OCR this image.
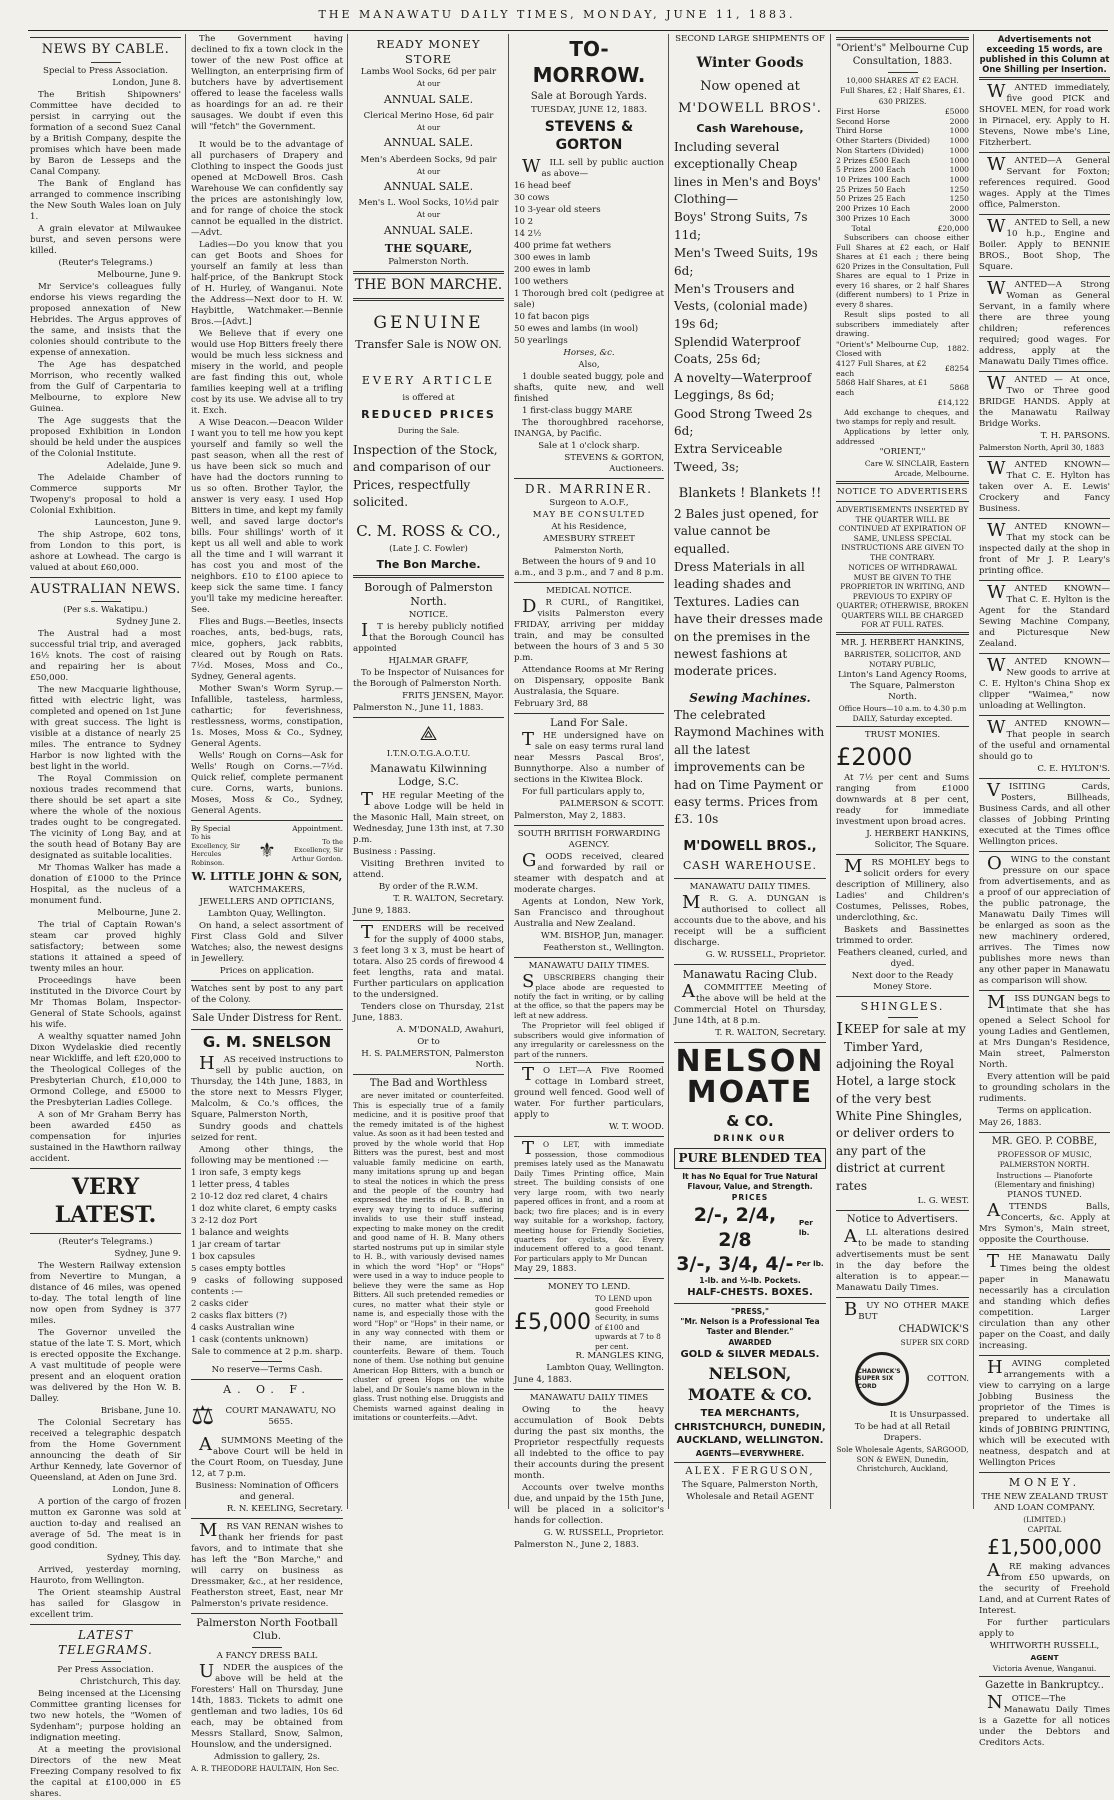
THE MANAWATU DAILY TIMES, MONDAY, JUNE 11, 1883.
NEWS BY CABLE.

Special to Press Association.

London, June 8.

The British Shipowners' Committee have decided to persist in carrying out the formation of a second Suez Canal by a British Company, despite the promises which have been made by Baron de Lesseps and the Canal Company.

The Bank of England has arranged to commence inscribing the New South Wales loan on July 1.

A grain elevator at Milwaukee burst, and seven persons were killed.

(Reuter's Telegrams.)

Melbourne, June 9.

Mr Service's colleagues fully endorse his views regarding the proposed annexation of New Hebrides. The Argus approves of the same, and insists that the colonies should contribute to the expense of annexation.

The Age has despatched Morrison, who recently walked from the Gulf of Carpentaria to Melbourne, to explore New Guinea.

The Age suggests that the proposed Exhibition in London should be held under the auspices of the Colonial Institute.

Adelaide, June 9.

The Adelaide Chamber of Commerce supports Mr Twopeny's proposal to hold a Colonial Exhibition.

Launceston, June 9.

The ship Astrope, 602 tons, from London to this port, is ashore at Lowhead. The cargo is valued at about £60,000.

AUSTRALIAN NEWS.

(Per s.s. Wakatipu.)

Sydney June 2.

The Austral had a most successful trial trip, and averaged 16½ knots. The cost of raising and repairing her is about £50,000.

The new Macquarie lighthouse, fitted with electric light, was completed and opened on 1st June with great success. The light is visible at a distance of nearly 25 miles. The entrance to Sydney Harbor is now lighted with the best light in the world.

The Royal Commission on noxious trades recommend that there should be set apart a site where the whole of the noxious trades ought to be congregated. The vicinity of Long Bay, and at the south head of Botany Bay are designated as suitable localities.

Mr Thomas Walker has made a donation of £1000 to the Prince Hospital, as the nucleus of a monument fund.

Melbourne, June 2.

The trial of Captain Rowan's steam car proved highly satisfactory; between some stations it attained a speed of twenty miles an hour.

Proceedings have been instituted in the Divorce Court by Mr Thomas Bolam, Inspector-General of State Schools, against his wife.

A wealthy squatter named John Dixon Wydelaskie died recently near Wickliffe, and left £20,000 to the Theological Colleges of the Presbyterian Church, £10,000 to Ormond College, and £5000 to the Presbyterian Ladies College.

A son of Mr Graham Berry has been awarded £450 as compensation for injuries sustained in the Hawthorn railway accident.

VERY LATEST.

(Reuter's Telegrams.)

Sydney, June 9.

The Western Railway extension from Nevertire to Mungan, a distance of 46 miles, was opened to-day. The total length of line now open from Sydney is 377 miles.

The Governor unveiled the statue of the late T. S. Mort, which is erected opposite the Exchange. A vast multitude of people were present and an eloquent oration was delivered by the Hon W. B. Dalley.

Brisbane, June 10.

The Colonial Secretary has received a telegraphic despatch from the Home Government announcing the death of Sir Arthur Kennedy, late Governor of Queensland, at Aden on June 3rd.

London, June 8.

A portion of the cargo of frozen mutton ex Garonne was sold at auction to-day and realised an average of 5d. The meat is in good condition.

Sydney, This day.

Arrived, yesterday morning, Hauroto, from Wellington.

The Orient steamship Austral has sailed for Glasgow in excellent trim.

LATEST TELEGRAMS.

Per Press Association.

Christchurch, This day.

Being incensed at the Licensing Committee granting licenses for two new hotels, the "Women of Sydenham"; purpose holding an indignation meeting.

At a meeting the provisional Directors of the new Meat Freezing Company resolved to fix the capital at £100,000 in £5 shares.

The Government having declined to fix a town clock in the tower of the new Post office at Wellington, an enterprising firm of butchers have by advertisement offered to lease the faceless walls as hoardings for an ad. re their sausages. We doubt if even this will "fetch" the Government.

It would be to the advantage of all purchasers of Drapery and Clothing to inspect the Goods just opened at McDowell Bros. Cash Warehouse We can confidently say the prices are astonishingly low, and for range of choice the stock cannot be equalled in the district.—Advt.

Ladies—Do you know that you can get Boots and Shoes for yourself an family at less than half-price, of the Bankrupt Stock of H. Hurley, of Wanganui. Note the Address—Next door to H. W. Haybittle, Watchmaker.—Bennie Bros.—[Advt.]

We Believe that if every one would use Hop Bitters freely there would be much less sickness and misery in the world, and people are fast finding this out, whole families keeping well at a trifling cost by its use. We advise all to try it. Exch.

A Wise Deacon.—Deacon Wilder I want you to tell me how you kept yourself and family so well the past season, when all the rest of us have been sick so much and have had the doctors running to us so often. Brother Taylor, the answer is very easy. I used Hop Bitters in time, and kept my family well, and saved large doctor's bills. Four shillings' worth of it kept us all well and able to work all the time and I will warrant it has cost you and most of the neighbors. £10 to £100 apiece to keep sick the same time. I fancy you'll take my medicine hereafter. See.

Flies and Bugs.—Beetles, insects roaches, ants, bed-bugs, rats, mice, gophers, jack rabbits, cleared out by Rough on Rats. 7½d. Moses, Moss and Co., Sydney, General agents.

Mother Swan's Worm Syrup.—Infallible, tasteless, harmless, cathartic; for feverishness, restlessness, worms, constipation, 1s. Moses, Moss & Co., Sydney, General Agents.

Wells' Rough on Corns—Ask for Wells' Rough on Corns.—7½d. Quick relief, complete permanent cure. Corns, warts, bunions. Moses, Moss & Co., Sydney, General Agents.

By Special	Appointment.
To his Excellency, Sir Hercules Robinson.
⚜	To the Excellency, Sir Arthur Gordon.
W. LITTLE JOHN & SON,

WATCHMAKERS,

JEWELLERS AND OPTICIANS,

Lambton Quay, Wellington.

On hand, a select assortment of First Class Gold and Silver Watches; also, the newest designs in Jewellery.

Prices on application.

Watches sent by post to any part of the Colony.

Sale Under Distress for Rent.
G. M. SNELSON

HAS received instructions to sell by public auction, on Thursday, the 14th June, 1883, in the store next to Messrs Flyger, Malcolm, & Co.'s offices, the Square, Palmerston North,

Sundry goods and chattels seized for rent.

Among other things, the following may be mentioned :—

1 iron safe, 3 empty kegs

1 letter press, 4 tables

2 10-12 doz red claret, 4 chairs

1 doz white claret, 6 empty casks

3 2-12 doz Port

1 balance and weights

1 jar cream of tartar

1 box capsules

5 cases empty bottles

9 casks of following supposed contents :—

2 casks cider

2 casks flax bitters (?)

4 casks Australian wine

1 cask (contents unknown)

Sale to commence at 2 p.m. sharp.

No reserve—Terms Cash.

A. O. F.
⚖	COURT MANAWATU, NO 5655.

ASUMMONS Meeting of the above Court will be held in the Court Room, on Tuesday, June 12, at 7 p.m.

Business: Nomination of Officers and general.

R. N. KEELING, Secretary.

MRS VAN RENAN wishes to thank her friends for past favors, and to intimate that she has left the "Bon Marche," and will carry on business as Dressmaker, &c., at her residence, Featherston street, East, near Mr Palmerston's private residence.

Palmerston North Football Club.

A FANCY DRESS BALL

UNDER the auspices of the above will be held at the Foresters' Hall on Thursday, June 14th, 1883. Tickets to admit one gentleman and two ladies, 10s 6d each, may be obtained from Messrs Stallard, Snow, Salmon, Hounslow, and the undersigned.

Admission to gallery, 2s.

A. R. THEODORE HAULTAIN, Hon Sec.

READY MONEY STORE

Lambs Wool Socks, 6d per pair

At our

ANNUAL SALE.

Clerical Merino Hose, 6d pair

At our

ANNUAL SALE.

Men's Aberdeen Socks, 9d pair

At our

ANNUAL SALE.

Men's L. Wool Socks, 10½d pair

At our

ANNUAL SALE.
THE SQUARE,

Palmerston North.

THE BON MARCHE.
GENUINE
Transfer Sale is NOW ON.
EVERY ARTICLE

is offered at

REDUCED PRICES

During the Sale.

Inspection of the Stock, and comparison of our Prices, respectfully solicited.

C. M. ROSS & CO.,

(Late J. C. Fowler)

The Bon Marche.
Borough of Palmerston North.

NOTICE.

IT is hereby publicly notified that the Borough Council has appointed

HJALMAR GRAFF,

To be Inspector of Nuisances for the Borough of Palmerston North.

FRITS JENSEN, Mayor.

Palmerston N., June 11, 1883.

⟁

I.T.N.O.T.G.A.O.T.U.

Manawatu Kilwinning Lodge, S.C.

THE regular Meeting of the above Lodge will be held in the Masonic Hall, Main street, on Wednesday, June 13th inst, at 7.30 p.m.

Business : Passing.

Visiting Brethren invited to attend.

By order of the R.W.M.

T. R. WALTON, Secretary.

June 9, 1883.

TENDERS will be received for the supply of 4000 stabs, 3 feet long 3 x 3, must be heart of totara. Also 25 cords of firewood 4 feet lengths, rata and matai. Further particulars on application to the undersigned.

Tenders close on Thursday, 21st June, 1883.

A. M'DONALD, Awahuri,

Or to

H. S. PALMERSTON, Palmerston North.

The Bad and Worthless

are never imitated or counterfeited. This is especially true of a family medicine, and it is positive proof that the remedy imitated is of the highest value. As soon as it had been tested and proved by the whole world that Hop Bitters was the purest, best and most valuable family medicine on earth, many imitations sprung up and began to steal the notices in which the press and the people of the country had expressed the merits of H. B., and in every way trying to induce suffering invalids to use their stuff instead, expecting to make money on the credit and good name of H. B. Many others started nostrums put up in similar style to H. B., with variously devised names in which the word "Hop" or "Hops" were used in a way to induce people to believe they were the same as Hop Bitters. All such pretended remedies or cures, no matter what their style or name is, and especially those with the word "Hop" or "Hops" in their name, or in any way connected with them or their name, are imitations or counterfeits. Beware of them. Touch none of them. Use nothing but genuine American Hop Bitters, with a bunch or cluster of green Hops on the white label, and Dr Soule's name blown in the glass. Trust nothing else. Druggists and Chemists warned against dealing in imitations or counterfeits.—Advt.

TO-MORROW.

Sale at Borough Yards.

TUESDAY, JUNE 12, 1883.

STEVENS & GORTON

WILL sell by public auction as above—

16 head beef

30 cows

10 3-year old steers

10 2

14 2½

400 prime fat wethers

300 ewes in lamb

200 ewes in lamb

100 wethers

1 Thorough bred colt (pedigree at sale)

10 fat bacon pigs

50 ewes and lambs (in wool)

50 yearlings

Horses, &c.

Also,

1 double seated buggy, pole and shafts, quite new, and well finished

1 first-class buggy MARE

The thoroughbred racehorse, INANGA, by Pacific.

Sale at 1 o'clock sharp.

STEVENS & GORTON, Auctioneers.

DR. MARRINER.

Surgeon to A.O.F.,

MAY BE CONSULTED

At his Residence,

AMESBURY STREET

Palmerston North,

Between the hours of 9 and 10 a.m., and 3 p.m., and 7 and 8 p.m.

MEDICAL NOTICE.

DR CURL, of Rangitikei, visits Palmerston every FRIDAY, arriving per midday train, and may be consulted between the hours of 3 and 5 30 p.m.

Attendance Rooms at Mr Rering on Dispensary, opposite Bank Australasia, the Square.

February 3rd, 88

Land For Sale.

THE undersigned have on sale on easy terms rural land near Messrs Pascal Bros', Bunnythorpe. Also a number of sections in the Kiwitea Block.

For full particulars apply to,

PALMERSON & SCOTT.

Palmerston, May 2, 1883.

SOUTH BRITISH FORWARDING AGENCY.

GOODS received, cleared and forwarded by rail or steamer with despatch and at moderate charges.

Agents at London, New York, San Francisco and throughout Australia and New Zealand.

WM. BISHOP, Jun, manager.

Featherston st., Wellington.

MANAWATU DAILY TIMES.

SUBSCRIBERS changing their place abode are requested to notify the fact in writing, or by calling at the office, so that the papers may be left at new address.

The Proprietor will feel obliged if subscribers would give information of any irregularity or carelessness on the part of the runners.

TO LET—A Five Roomed cottage in Lombard street, ground well fenced. Good well of water. For further particulars, apply to

W. T. WOOD.

TO LET, with immediate possession, those commodious premises lately used as the Manawatu Daily Times Printing office, Main street. The building consists of one very large room, with two nearly papered offices in front, and a room at back; two fire places; and is in every way suitable for a workshop, factory, meeting house for Friendly Societies, quarters for cyclists, &c. Every inducement offered to a good tenant. For particulars apply to Mr Duncan

May 29, 1883.

MONEY TO LEND.

£5,000
TO LEND upon good Freehold Security, in sums of £100 and upwards at 7 to 8 per cent.

R. MANGLES KING,

Lambton Quay, Wellington.

June 4, 1883.

MANAWATU DAILY TIMES

Owing to the heavy accumulation of Book Debts during the past six months, the Proprietor respectfully requests all indebted to the office to pay their accounts during the present month.

Accounts over twelve months due, and unpaid by the 15th June, will be placed in a solicitor's hands for collection.

G. W. RUSSELL, Proprietor.

Palmerston N., June 2, 1883.

SECOND LARGE SHIPMENTS OF

Winter Goods
Now opened at
M'DOWELL BROS'.
Cash Warehouse,

Including several exceptionally Cheap lines in Men's and Boys' Clothing—

Boys' Strong Suits, 7s 11d;

Men's Tweed Suits, 19s 6d;

Men's Trousers and Vests, (colonial made) 19s 6d;

Splendid Waterproof Coats, 25s 6d;

A novelty—Waterproof Leggings, 8s 6d;

Good Strong Tweed 2s 6d;

Extra Serviceable Tweed, 3s;

Blankets ! Blankets !!

2 Bales just opened, for value cannot be equalled.

Dress Materials in all leading shades and Textures. Ladies can have their dresses made on the premises in the newest fashions at moderate prices.

Sewing Machines.

The celebrated Raymond Machines with all the latest improvements can be had on Time Payment or easy terms. Prices from £3. 10s

M'DOWELL BROS.,
CASH WAREHOUSE.

MANAWATU DAILY TIMES.

MR. G. A. DUNGAN is authorised to collect all accounts due to the above, and his receipt will be a sufficient discharge.

G. W. RUSSELL, Proprietor.

Manawatu Racing Club.

ACOMMITTEE Meeting of the above will be held at the Commercial Hotel on Thursday, June 14th, at 8 p.m.

T. R. WALTON, Secretary.

NELSON
MOATE
& CO.

DRINK OUR

PURE BLENDED TEA

It has No Equal for True Natural Flavour, Value, and Strength.

PRICES

2/-, 2/4, 2/8
Per lb.
3/-, 3/4, 4/- Per lb.

1-lb. and ½-lb. Pockets.

HALF-CHESTS. BOXES.

"PRESS,"

"Mr. Nelson is a Professional Tea Taster and Blender."

AWARDED

GOLD & SILVER MEDALS.

NELSON, MOATE & CO.

TEA MERCHANTS,

CHRISTCHURCH, DUNEDIN, AUCKLAND, WELLINGTON.

AGENTS—EVERYWHERE.

ALEX. FERGUSON,

The Square, Palmerston North,

Wholesale and Retail AGENT

"Orient's" Melbourne Cup Consultation, 1883.

10,000 SHARES AT £2 EACH.

Full Shares, £2 ; Half Shares, £1.

630 PRIZES.

First Horse	£5000
Second Horse	2000
Third Horse	1000
Other Starters (Divided)	1000
Non Starters (Divided)	1000
2 Prizes £500 Each	1000
5 Prizes 200 Each	1000
10 Prizes 100 Each	1000
25 Prizes 50 Each	1250
50 Prizes 25 Each	1250
200 Prizes 10 Each	2000
300 Prizes 10 Each	3000
Total	£20,000

Subscribers can choose either Full Shares at £2 each, or Half Shares at £1 each ; there being 620 Prizes in the Consultation, Full Shares are equal to 1 Prize in every 16 shares, or 2 half Shares (different numbers) to 1 Prize in every 8 shares.

Result slips posted to all subscribers immediately after drawing.

"Orient's" Melbourne Cup, Closed with	1882.
4127 Full Shares, at £2 each	£8254
5868 Half Shares, at £1 each	5868
	£14,122

Add exchange to cheques, and two stamps for reply and result.

Applications by letter only, addressed

"ORIENT,"

Care W. SINCLAIR, Eastern Arcade, Melbourne.

NOTICE TO ADVERTISERS

ADVERTISEMENTS INSERTED BY THE QUARTER WILL BE CONTINUED AT EXPIRATION OF SAME, UNLESS SPECIAL INSTRUCTIONS ARE GIVEN TO THE CONTRARY.

NOTICES OF WITHDRAWAL MUST BE GIVEN TO THE PROPRIETOR IN WRITING, AND PREVIOUS TO EXPIRY OF QUARTER; OTHERWISE, BROKEN QUARTERS WILL BE CHARGED FOR AT FULL RATES.

MR. J. HERBERT HANKINS,

BARRISTER, SOLICITOR, AND NOTARY PUBLIC,

Linton's Land Agency Rooms, The Square, Palmerston North.

Office Hours—10 a.m. to 4.30 p.m DAILY, Saturday excepted.

TRUST MONIES.

£2000

At 7½ per cent and Sums ranging from £1000 downwards at 8 per cent, ready for immediate investment upon broad acres.

J. HERBERT HANKINS, Solicitor, The Square.

MRS MOHLEY begs to solicit orders for every description of Millinery, also Ladies' and Children's Costumes, Pelisses, Robes, underclothing, &c.

Baskets and Bassinettes trimmed to order.

Feathers cleaned, curled, and dyed.

Next door to the Ready Money Store.

SHINGLES.

IKEEP for sale at my Timber Yard, adjoining the Royal Hotel, a large stock of the very best White Pine Shingles, or deliver orders to any part of the district at current rates

L. G. WEST.

Notice to Advertisers.

ALL alterations desired to be made to standing advertisements must be sent in the day before the alteration is to appear.—Manawatu Daily Times.

BUY NO OTHER MAKE BUT

CHADWICK'S

SUPER SIX CORD

CHADWICK'S SUPER SIX CORD
COTTON.

It is Unsurpassed.

To be had at all Retail Drapers.

Sole Wholesale Agents, SARGOOD, SON & EWEN, Dunedin, Christchurch, Auckland,

Advertisements not exceeding 15 words, are published in this Column at One Shilling per Insertion.

WANTED immediately, five good PICK and SHOVEL MEN, for road work in Pirnacel, ery. Apply to H. Stevens, Nowe mbe's Line, Fitzherbert.

WANTED—A General Servant for Foxton; references required. Good wages. Apply at the Times office, Palmerston.

WANTED to Sell, a new 10 h.p., Engine and Boiler. Apply to BENNIE BROS., Boot Shop, The Square.

WANTED—A Strong Woman as General Servant, in a family where there are three young children; references required; good wages. For address, apply at the Manawatu Daily Times office.

WANTED — At once, Two or Three good BRIDGE HANDS. Apply at the Manawatu Railway Bridge Works.

T. H. PARSONS.

Palmerston North, April 30, 1883

WANTED KNOWN—That C. E. Hylton has taken over A. E. Lewis' Crockery and Fancy Business.

WANTED KNOWN—That my stock can be inspected daily at the shop in front of Mr J. P. Leary's printing office.

WANTED KNOWN—That C. E. Hylton is the Agent for the Standard Sewing Machine Company, and Picturesque New Zealand.

WANTED KNOWN—New goods to arrive at C. E. Hylton's China Shop ex clipper "Waimea," now unloading at Wellington.

WANTED KNOWN—That people in search of the useful and ornamental should go to

C. E. HYLTON'S.

VISITING Cards, Posters, Billheads, Business Cards, and all other classes of Jobbing Printing executed at the Times office Wellington prices.

OWING to the constant pressure on our space from advertisements, and as a proof of our appreciation of the public patronage, the Manawatu Daily Times will be enlarged as soon as the new machinery ordered, arrives. The Times now publishes more news than any other paper in Manawatu as comparison will show.

MISS DUNGAN begs to intimate that she has opened a Select School for young Ladies and Gentlemen, at Mrs Dungan's Residence, Main street, Palmerston North.

Every attention will be paid to grounding scholars in the rudiments.

Terms on application.

May 26, 1883.

MR. GEO. P. COBBE,

PROFESSOR OF MUSIC,

PALMERSTON NORTH.

Instructions — Pianoforte (Elementary and finishing)

PIANOS TUNED.

ATTENDS Balls, Concerts, &c. Apply at Mrs Symon's, Main street, opposite the Courthouse.

THE Manawatu Daily Times being the oldest paper in Manawatu necessarily has a circulation and standing which defies competition. Larger circulation than any other paper on the Coast, and daily increasing.

HAVING completed arrangements with a view to carrying on a large Jobbing Business the proprietor of the Times is prepared to undertake all kinds of JOBBING PRINTING, which will be executed with neatness, despatch and at Wellington Prices

MONEY.

THE NEW ZEALAND TRUST AND LOAN COMPANY.

(LIMITED.)

CAPITAL

£1,500,000

ARE making advances from £50 upwards, on the security of Freehold Land, and at Current Rates of Interest.

For further particulars apply to

WHITWORTH RUSSELL,

AGENT

Victoria Avenue, Wanganui.

Gazette in Bankruptcy..

NOTICE—The Manawatu Daily Times is a Gazette for all notices under the Debtors and Creditors Acts.
